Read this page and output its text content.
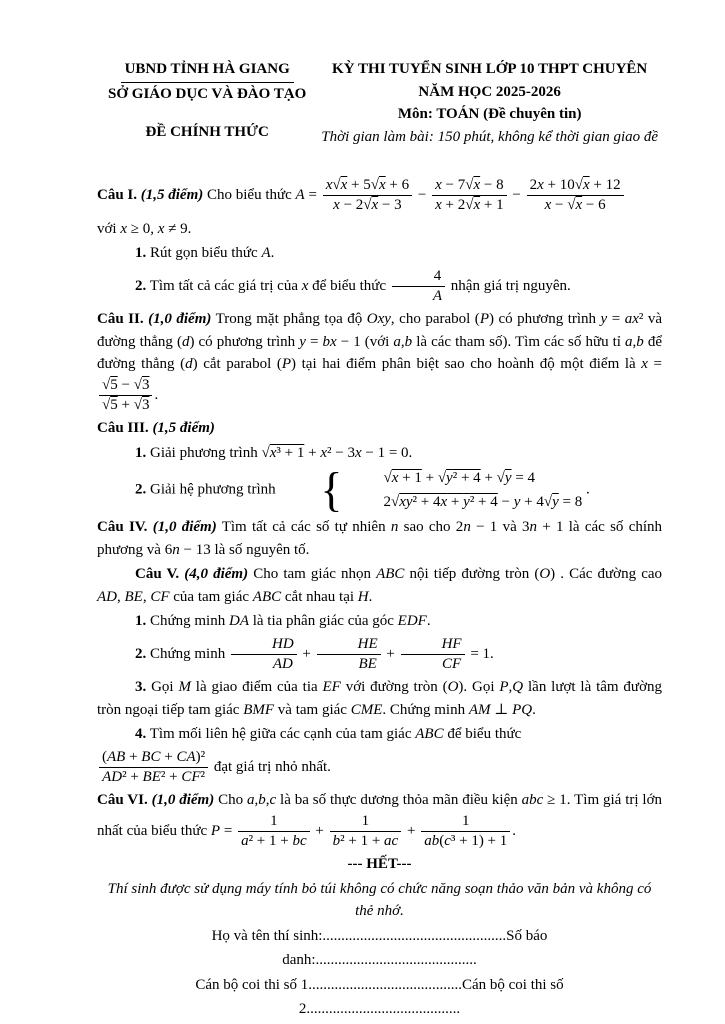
UBND TỈNH HÀ GIANG
SỞ GIÁO DỤC VÀ ĐÀO TẠO
ĐỀ CHÍNH THỨC
KỲ THI TUYỂN SINH LỚP 10 THPT CHUYÊN
NĂM HỌC 2025-2026
Môn: TOÁN (Đề chuyên tin)
Thời gian làm bài: 150 phút, không kể thời gian giao đề

Câu I. (1,5 điểm) Cho biểu thức $A = \frac{x√x + 5√x + 6}{x - 2√x - 3} - \frac{x - 7√x - 8}{x + 2√x + 1} - \frac{2x + 10√x + 12}{x - √x - 6}$

với x ≥ 0, x ≠ 9.

1. Rút gọn biểu thức A.

2. Tìm tất cả các giá trị của x để biểu thức $\frac{4}{A}$ nhận giá trị nguyên.

Câu II. (1,0 điểm) Trong mặt phẳng tọa độ Oxy, cho parabol (P) có phương trình y = ax² và đường thẳng (d) có phương trình y = bx − 1 (với a,b là các tham số). Tìm các số hữu tỉ a,b để đường thẳng (d) cắt parabol (P) tại hai điểm phân biệt sao cho hoành độ một điểm là x =
$\frac{√5 - √3}{√5 + √3}$ .

Câu III. (1,5 điểm)

1. Giải phương trình √x³ + 1 + x² − 3x − 1 = 0.

2. Giải hệ phương trình {	√x + 1 + √y² + 4 + √y = 4
2√xy² + 4x + y² + 4 − y + 4√y = 8
.

Câu IV. (1,0 điểm) Tìm tất cả các số tự nhiên n sao cho 2n − 1 và 3n + 1 là các số chính phương và 6n − 13 là số nguyên tố.

Câu V. (4,0 điểm) Cho tam giác nhọn ABC nội tiếp đường tròn (O) . Các đường cao AD, BE, CF của tam giác ABC cắt nhau tại H.

1. Chứng minh DA là tia phân giác của góc EDF.

2. Chứng minh $\frac{HD}{AD} + \frac{HE}{BE} + \frac{HF}{CF} = 1$.

3. Gọi M là giao điểm của tia EF với đường tròn (O). Gọi P,Q lần lượt là tâm đường tròn ngoại tiếp tam giác BMF và tam giác CME. Chứng minh AM ⊥ PQ.

4. Tìm mối liên hệ giữa các cạnh của tam giác ABC để biểu thức

$\frac{\text{(AB + BC + CA)²}}{\text{AD² + BE² + CF²}}$ đạt giá trị nhỏ nhất.

Câu VI. (1,0 điểm) Cho a,b,c là ba số thực dương thỏa mãn điều kiện abc ≥ 1. Tìm giá trị lớn nhất của biểu thức $P = \frac{1}{\text{a² + 1 + bc}} + \frac{1}{\text{b² + 1 + ac}} + \frac{1}{\text{ab(c³ + 1) + 1}}$ .

--- HẾT---

Thí sinh được sử dụng máy tính bỏ túi không có chức năng soạn thảo văn bản và không có thẻ nhớ.

Họ và tên thí sinh:.................................................Số báo

danh:...........................................

Cán bộ coi thi số 1.........................................Cán bộ coi thi số

2.........................................
